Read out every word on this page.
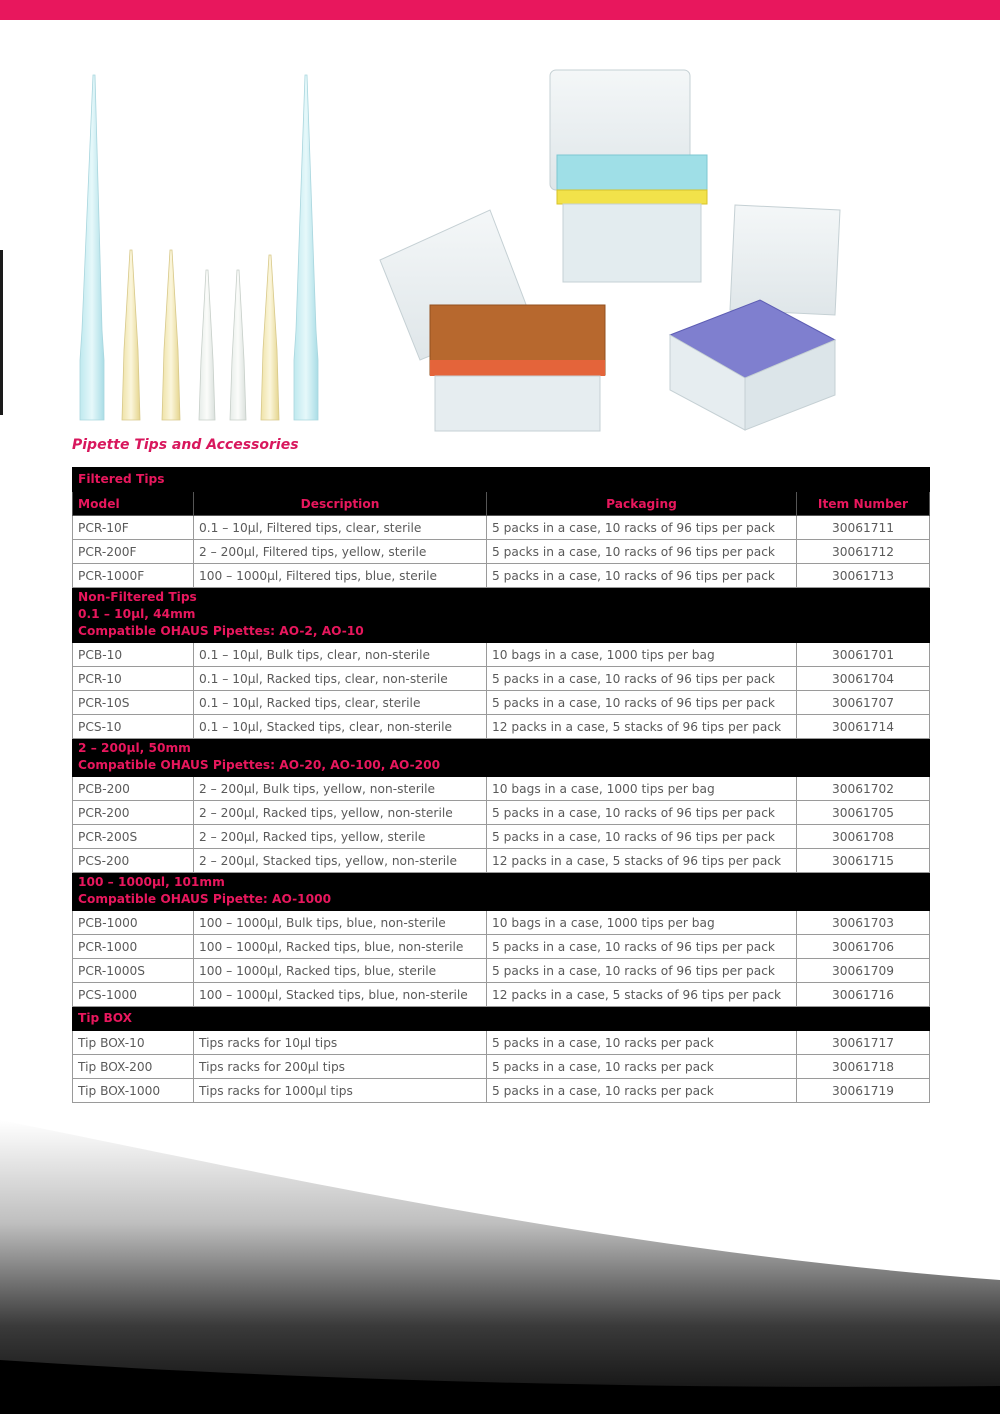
Pipette Tips and Accessories
Filtered Tips			

Model	Description	Packaging	Item Number
PCR-10F	0.1 – 10µl, Filtered tips, clear, sterile	5 packs in a case, 10 racks of 96 tips per pack	30061711
PCR-200F	2 – 200µl, Filtered tips, yellow, sterile	5 packs in a case, 10 racks of 96 tips per pack	30061712
PCR-1000F	100 – 1000µl, Filtered tips, blue, sterile	5 packs in a case, 10 racks of 96 tips per pack	30061713

Non-Filtered Tips
0.1 – 10µl, 44mm
Compatible OHAUS Pipettes: AO-2, AO-10			

PCB-10	0.1 – 10µl, Bulk tips, clear, non-sterile	10 bags in a case, 1000 tips per bag	30061701
PCR-10	0.1 – 10µl, Racked tips, clear, non-sterile	5 packs in a case, 10 racks of 96 tips per pack	30061704
PCR-10S	0.1 – 10µl, Racked tips, clear, sterile	5 packs in a case, 10 racks of 96 tips per pack	30061707
PCS-10	0.1 – 10µl, Stacked tips, clear, non-sterile	12 packs in a case, 5 stacks of 96 tips per pack	30061714

2 – 200µl, 50mm
Compatible OHAUS Pipettes: AO-20, AO-100, AO-200			

PCB-200	2 – 200µl, Bulk tips, yellow, non-sterile	10 bags in a case, 1000 tips per bag	30061702
PCR-200	2 – 200µl, Racked tips, yellow, non-sterile	5 packs in a case, 10 racks of 96 tips per pack	30061705
PCR-200S	2 – 200µl, Racked tips, yellow, sterile	5 packs in a case, 10 racks of 96 tips per pack	30061708
PCS-200	2 – 200µl, Stacked tips, yellow, non-sterile	12 packs in a case, 5 stacks of 96 tips per pack	30061715

100 – 1000µl, 101mm
Compatible OHAUS Pipette: AO-1000			

PCB-1000	100 – 1000µl, Bulk tips, blue, non-sterile	10 bags in a case, 1000 tips per bag	30061703
PCR-1000	100 – 1000µl, Racked tips, blue, non-sterile	5 packs in a case, 10 racks of 96 tips per pack	30061706
PCR-1000S	100 – 1000µl, Racked tips, blue, sterile	5 packs in a case, 10 racks of 96 tips per pack	30061709
PCS-1000	100 – 1000µl, Stacked tips, blue, non-sterile	12 packs in a case, 5 stacks of 96 tips per pack	30061716

Tip BOX			

Tip BOX-10	Tips racks for 10µl tips	5 packs in a case, 10 racks per pack	30061717
Tip BOX-200	Tips racks for 200µl tips	5 packs in a case, 10 racks per pack	30061718
Tip BOX-1000	Tips racks for 1000µl tips	5 packs in a case, 10 racks per pack	30061719
